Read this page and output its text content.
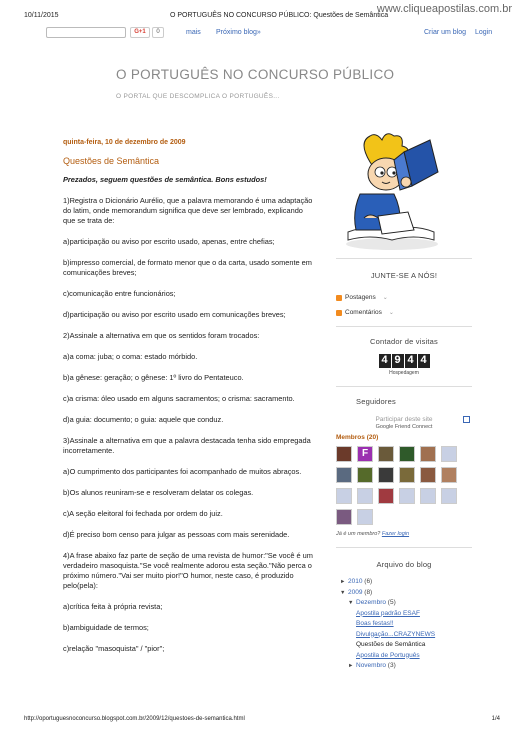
10/11/2015	O PORTUGUÊS NO CONCURSO PÚBLICO: Questões de Semântica
www.cliqueapostilas.com.br
G+1	0	mais Próximo blog»	Criar um blog Login
O PORTUGUÊS NO CONCURSO PÚBLICO
O PORTAL QUE DESCOMPLICA O PORTUGUÊS...
quinta-feira, 10 de dezembro de 2009
Questões de Semântica
Prezados, seguem questões de semântica. Bons estudos!
1)Registra o Dicionário Aurélio, que a palavra memorando é uma adaptação do latim, onde memorandum significa que deve ser lembrado, explicando que se trata de:
a)participação ou aviso por escrito usado, apenas, entre chefias;
b)impresso comercial, de formato menor que o da carta, usado somente em comunicações breves;
c)comunicação entre funcionários;
d)participação ou aviso por escrito usado em comunicações breves;
2)Assinale a alternativa em que os sentidos foram trocados:
a)a coma: juba; o coma: estado mórbido.
b)a gênese: geração; o gênese: 1º livro do Pentateuco.
c)a crisma: óleo usado em alguns sacramentos; o crisma: sacramento.
d)a guia: documento; o guia: aquele que conduz.
3)Assinale a alternativa em que a palavra destacada tenha sido empregada incorretamente.
a)O cumprimento dos participantes foi acompanhado de muitos abraços.
b)Os alunos reuniram-se e resolveram delatar os colegas.
c)A seção eleitoral foi fechada por ordem do juiz.
d)É preciso bom censo para julgar as pessoas com mais serenidade.
4)A frase abaixo faz parte de seção de uma revista de humor:"Se você é um verdadeiro masoquista."Se você realmente adorou esta seção."Não perca o próximo número."Vai ser muito pior!"O humor, neste caso, é produzido pelo(pela):
a)crítica feita à própria revista;
b)ambiguidade de termos;
c)relação "masoquista" / "pior";
JUNTE-SE A NÓS!
Postagens ⌄
Comentários ⌄
Contador de visitas
4 9 4 4
Hospedagem
Seguidores
Participar deste site
Google Friend Connect
Membros (20)
F
Já é um membro? Fazer login
Arquivo do blog
► 2010 (6)
▼ 2009 (8)
▼ Dezembro (5)
Apostila padrão ESAF
Boas festas!!
Divulgação...CRAZYNEWS
Questões de Semântica
Apostila de Português
► Novembro (3)
http://oportuguesnoconcurso.blogspot.com.br/2009/12/questoes-de-semantica.html	1/4
